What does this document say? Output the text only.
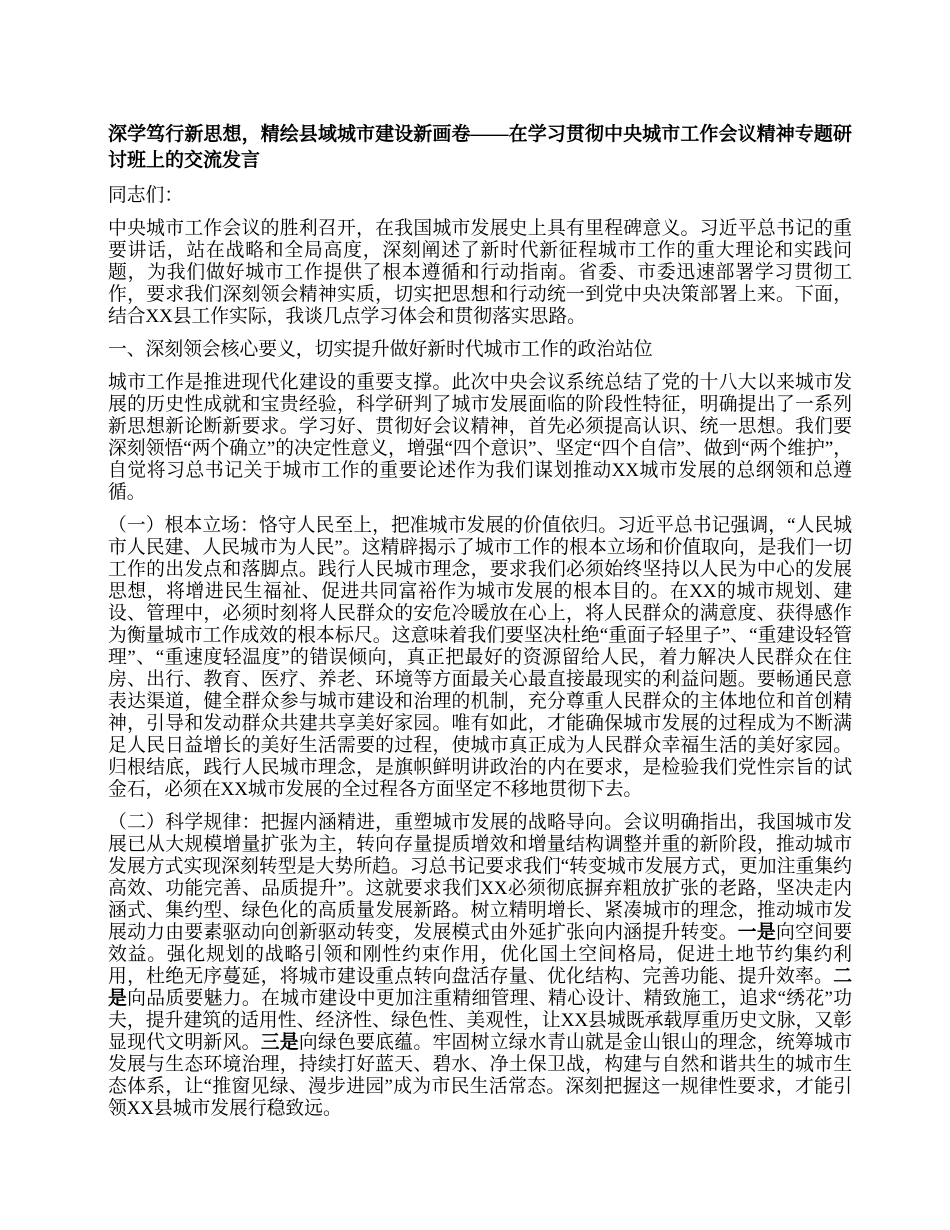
深学笃行新思想，精绘县域城市建设新画卷——在学习贯彻中央城市工作会议精神专题研讨班上的交流发言

同志们：

中央城市工作会议的胜利召开，在我国城市发展史上具有里程碑意义。习近平总书记的重要讲话，站在战略和全局高度，深刻阐述了新时代新征程城市工作的重大理论和实践问题，为我们做好城市工作提供了根本遵循和行动指南。省委、市委迅速部署学习贯彻工作，要求我们深刻领会精神实质，切实把思想和行动统一到党中央决策部署上来。下面，结合XX县工作实际，我谈几点学习体会和贯彻落实思路。

一、深刻领会核心要义，切实提升做好新时代城市工作的政治站位

城市工作是推进现代化建设的重要支撑。此次中央会议系统总结了党的十八大以来城市发展的历史性成就和宝贵经验，科学研判了城市发展面临的阶段性特征，明确提出了一系列新思想新论断新要求。学习好、贯彻好会议精神，首先必须提高认识、统一思想。我们要深刻领悟“两个确立”的决定性意义，增强“四个意识”、坚定“四个自信”、做到“两个维护”，自觉将习总书记关于城市工作的重要论述作为我们谋划推动XX城市发展的总纲领和总遵循。

（一）根本立场：恪守人民至上，把准城市发展的价值依归。习近平总书记强调，“人民城市人民建、人民城市为人民”。这精辟揭示了城市工作的根本立场和价值取向，是我们一切工作的出发点和落脚点。践行人民城市理念，要求我们必须始终坚持以人民为中心的发展思想，将增进民生福祉、促进共同富裕作为城市发展的根本目的。在XX的城市规划、建设、管理中，必须时刻将人民群众的安危冷暖放在心上，将人民群众的满意度、获得感作为衡量城市工作成效的根本标尺。这意味着我们要坚决杜绝“重面子轻里子”、“重建设轻管理”、“重速度轻温度”的错误倾向，真正把最好的资源留给人民，着力解决人民群众在住房、出行、教育、医疗、养老、环境等方面最关心最直接最现实的利益问题。要畅通民意表达渠道，健全群众参与城市建设和治理的机制，充分尊重人民群众的主体地位和首创精神，引导和发动群众共建共享美好家园。唯有如此，才能确保城市发展的过程成为不断满足人民日益增长的美好生活需要的过程，使城市真正成为人民群众幸福生活的美好家园。归根结底，践行人民城市理念，是旗帜鲜明讲政治的内在要求，是检验我们党性宗旨的试金石，必须在XX城市发展的全过程各方面坚定不移地贯彻下去。

（二）科学规律：把握内涵精进，重塑城市发展的战略导向。会议明确指出，我国城市发展已从大规模增量扩张为主，转向存量提质增效和增量结构调整并重的新阶段，推动城市发展方式实现深刻转型是大势所趋。习总书记要求我们“转变城市发展方式，更加注重集约高效、功能完善、品质提升”。这就要求我们XX必须彻底摒弃粗放扩张的老路，坚决走内涵式、集约型、绿色化的高质量发展新路。树立精明增长、紧凑城市的理念，推动城市发展动力由要素驱动向创新驱动转变，发展模式由外延扩张向内涵提升转变。一是向空间要效益。强化规划的战略引领和刚性约束作用，优化国土空间格局，促进土地节约集约利用，杜绝无序蔓延，将城市建设重点转向盘活存量、优化结构、完善功能、提升效率。二是向品质要魅力。在城市建设中更加注重精细管理、精心设计、精致施工，追求“绣花”功夫，提升建筑的适用性、经济性、绿色性、美观性，让XX县城既承载厚重历史文脉，又彰显现代文明新风。三是向绿色要底蕴。牢固树立绿水青山就是金山银山的理念，统筹城市发展与生态环境治理，持续打好蓝天、碧水、净土保卫战，构建与自然和谐共生的城市生态体系，让“推窗见绿、漫步进园”成为市民生活常态。深刻把握这一规律性要求，才能引领XX县城市发展行稳致远。
